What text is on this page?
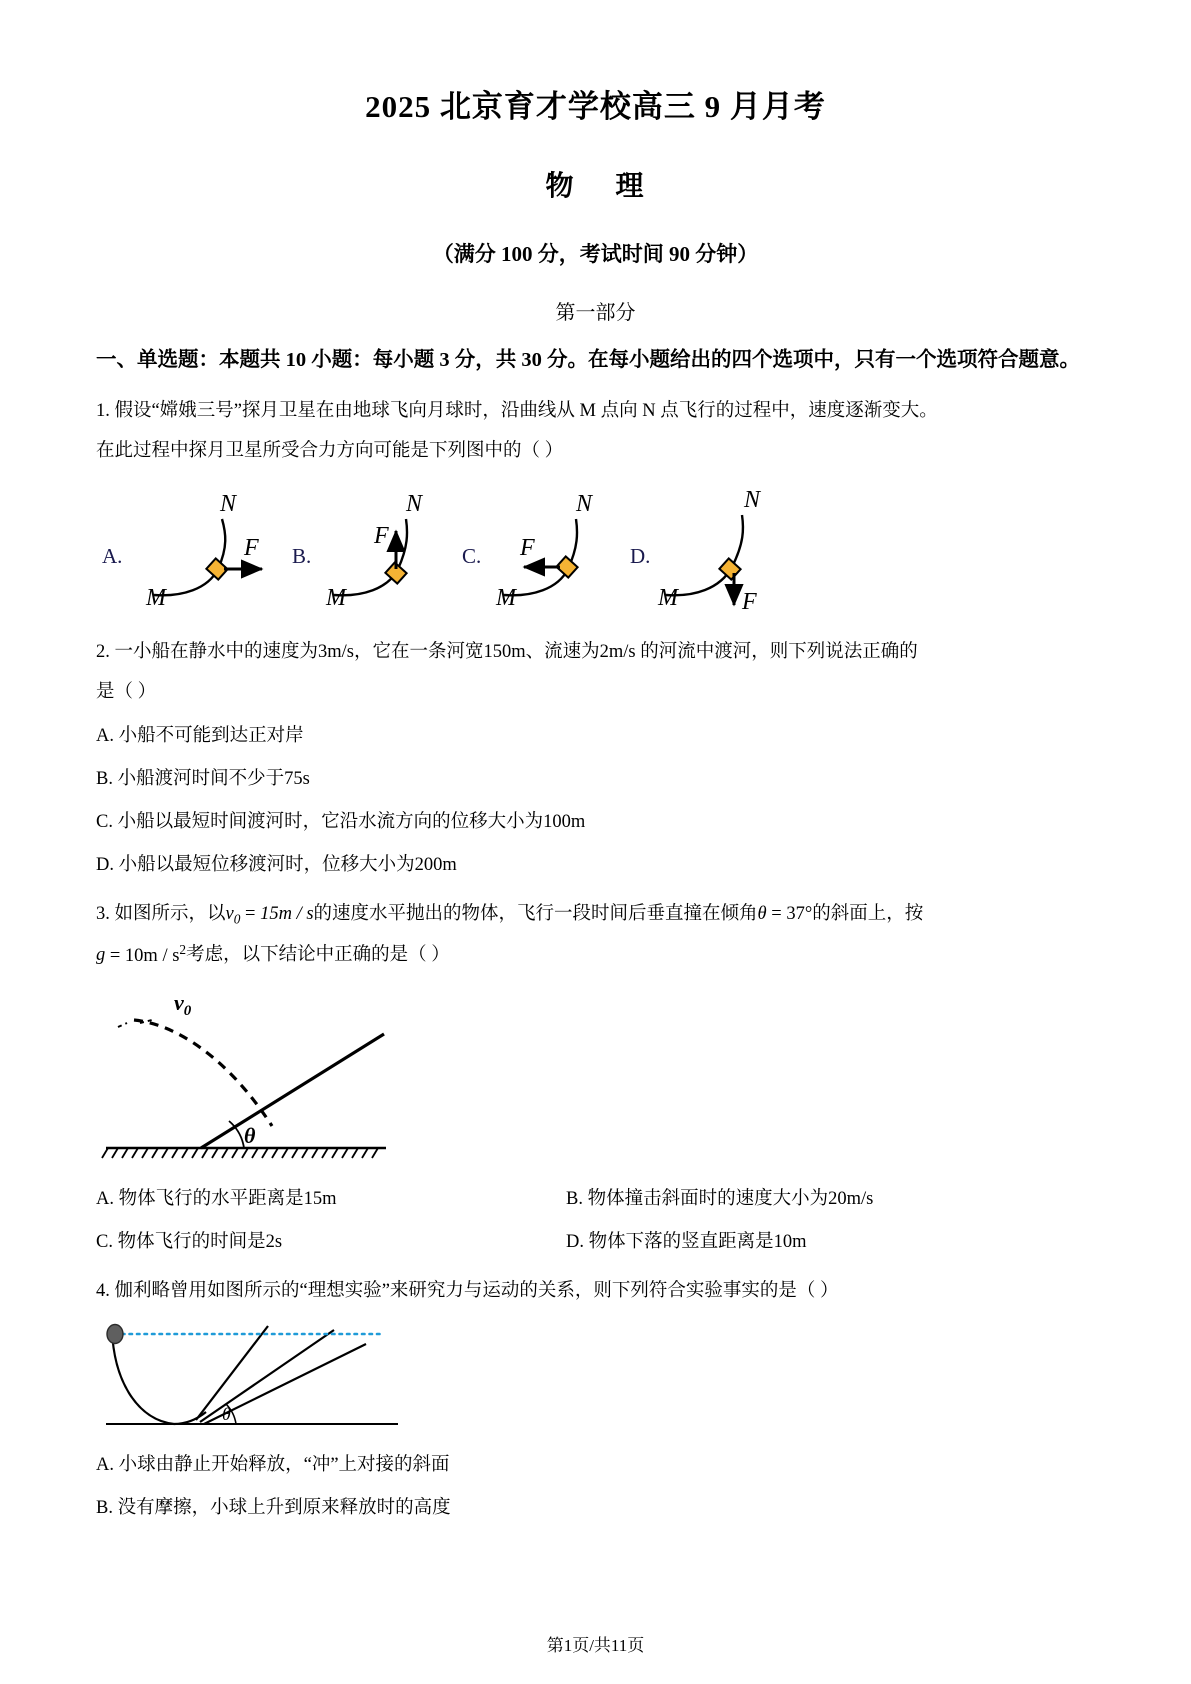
2025 北京育才学校高三 9 月月考
物 理

（满分 100 分，考试时间 90 分钟）

第一部分

一、单选题：本题共 10 小题：每小题 3 分，共 30 分。在每小题给出的四个选项中，只有一个选项符合题意。

1. 假设“嫦娥三号”探月卫星在由地球飞向月球时，沿曲线从 M 点向 N 点飞行的过程中，速度逐渐变大。

在此过程中探月卫星所受合力方向可能是下列图中的（ ）

A.
N
M
F B.
N
M
F
C.
N
M
F	D.
N
M	F

2. 一小船在静水中的速度为3m/s，它在一条河宽150m、流速为2m/s 的河流中渡河，则下列说法正确的

是（ ）

A. 小船不可能到达正对岸

B. 小船渡河时间不少于75s

C. 小船以最短时间渡河时，它沿水流方向的位移大小为100m

D. 小船以最短位移渡河时，位移大小为200m

3. 如图所示，以$v_0 = 15m / s$的速度水平抛出的物体，飞行一段时间后垂直撞在倾角θ = 37°的斜面上，按

$g = 10m / s^2$考虑，以下结论中正确的是（ ）

θ
$v_0$
A. 物体飞行的水平距离是15m	B. 物体撞击斜面时的速度大小为20m/s
C. 物体飞行的时间是2s	D. 物体下落的竖直距离是10m

4. 伽利略曾用如图所示的“理想实验”来研究力与运动的关系，则下列符合实验事实的是（ ）

θ

A. 小球由静止开始释放，“冲”上对接的斜面

B. 没有摩擦，小球上升到原来释放时的高度

第1页/共11页
